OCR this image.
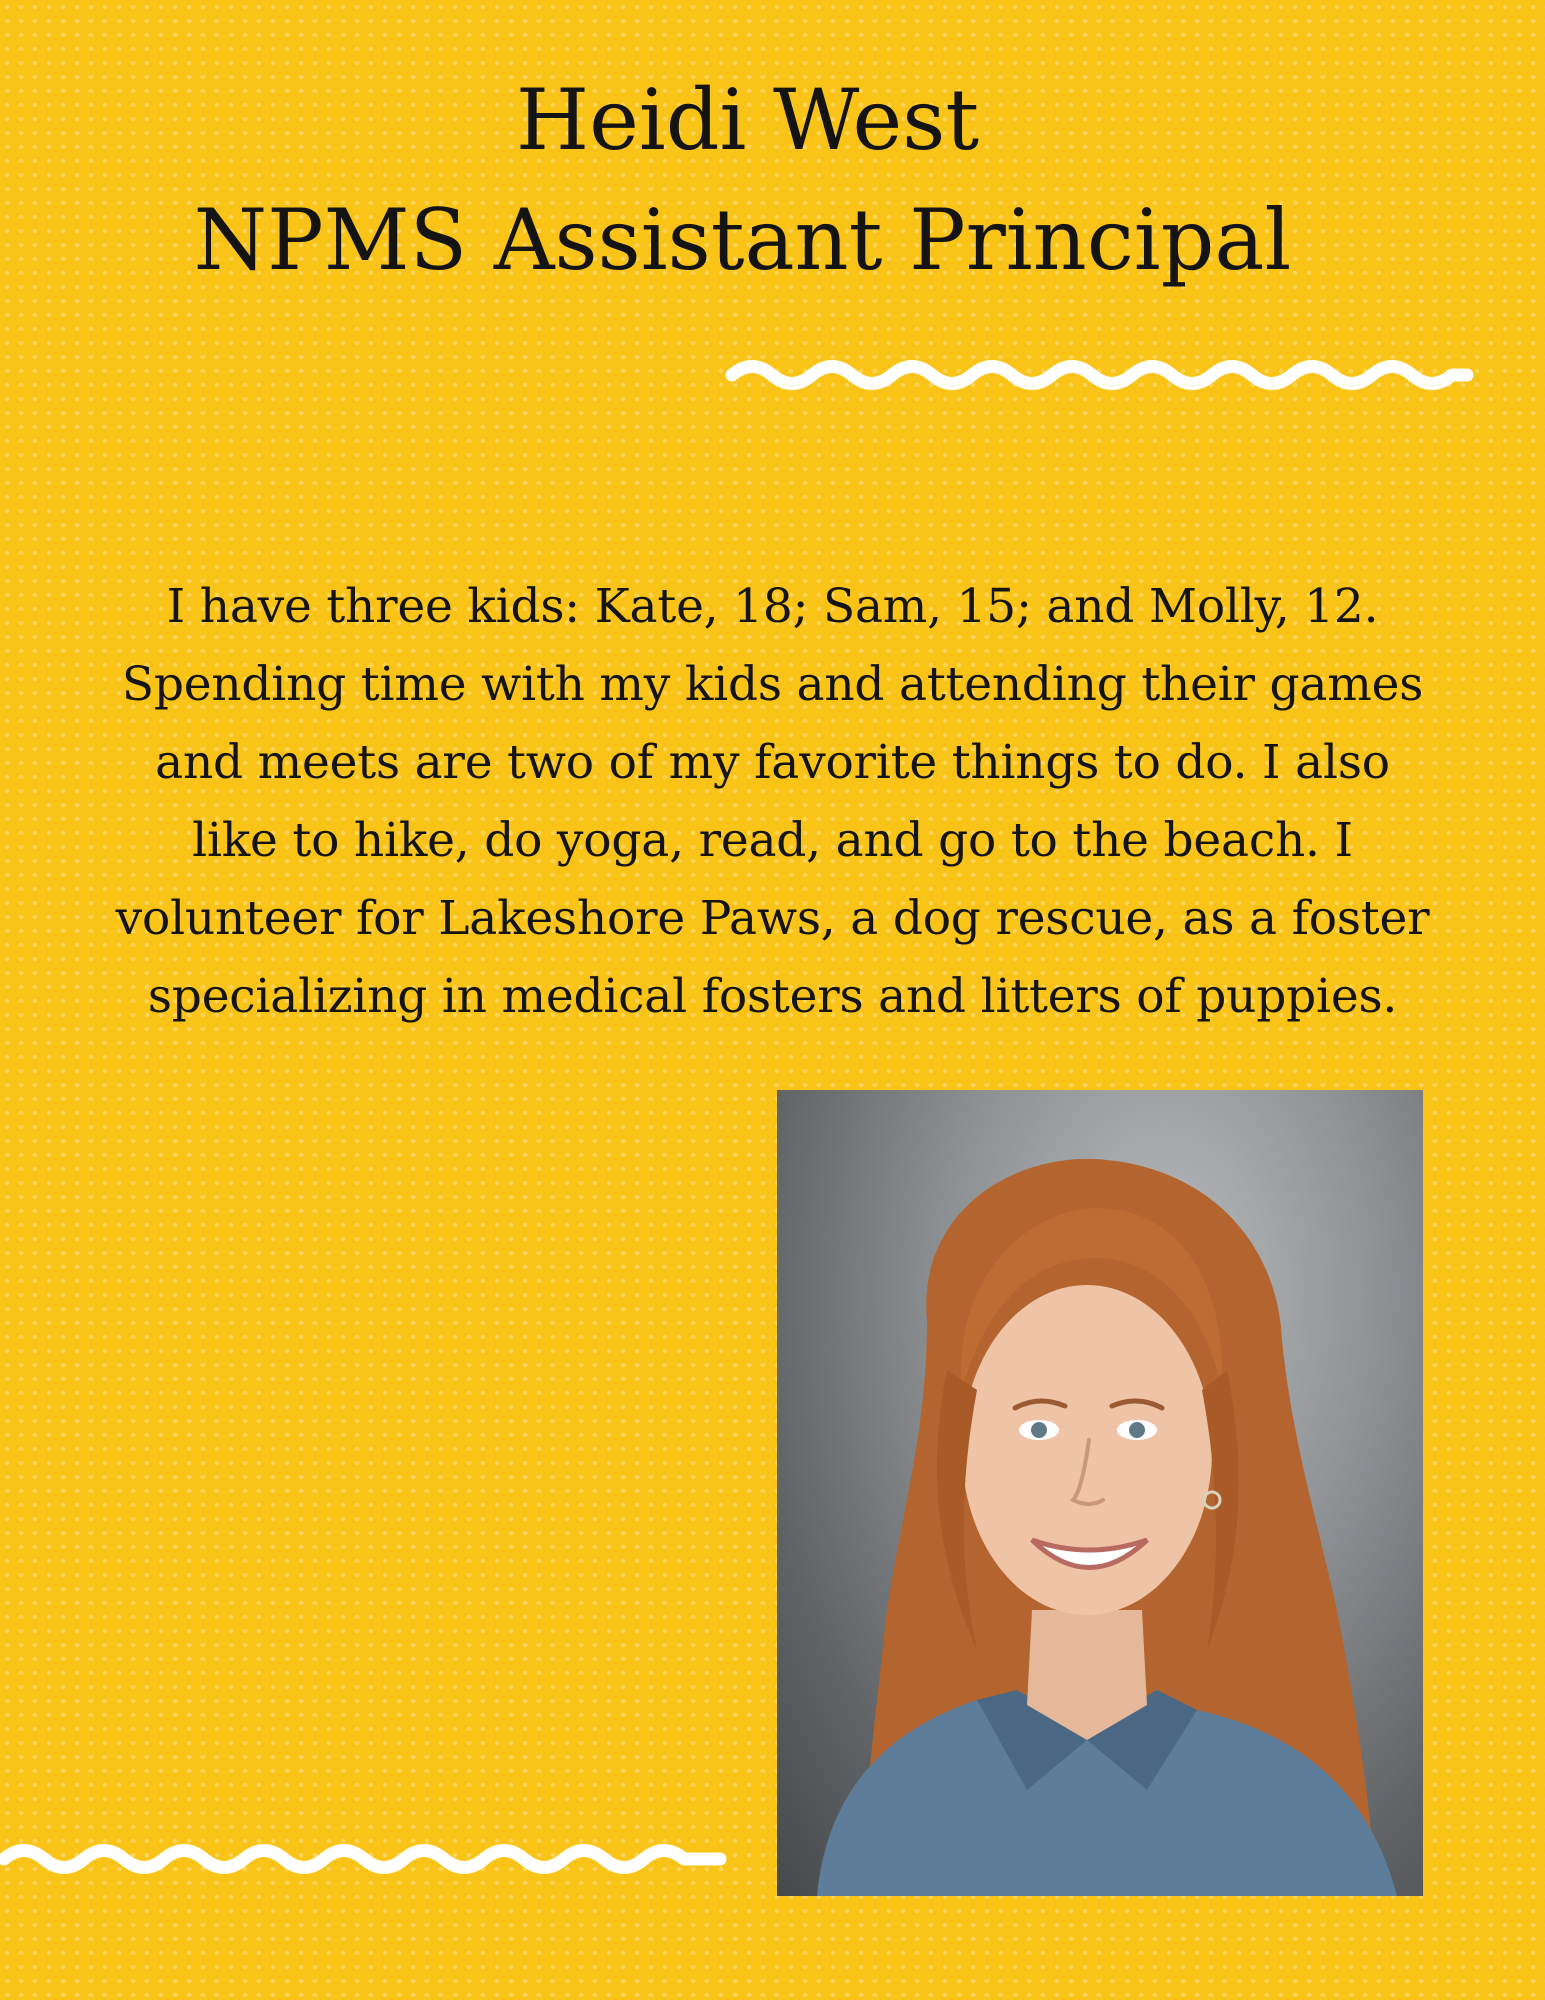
Heidi West
NPMS Assistant Principal
I have three kids: Kate, 18; Sam, 15; and Molly, 12.
Spending time with my kids and attending their games
and meets are two of my favorite things to do. I also
like to hike, do yoga, read, and go to the beach. I
volunteer for Lakeshore Paws, a dog rescue, as a foster
specializing in medical fosters and litters of puppies.
